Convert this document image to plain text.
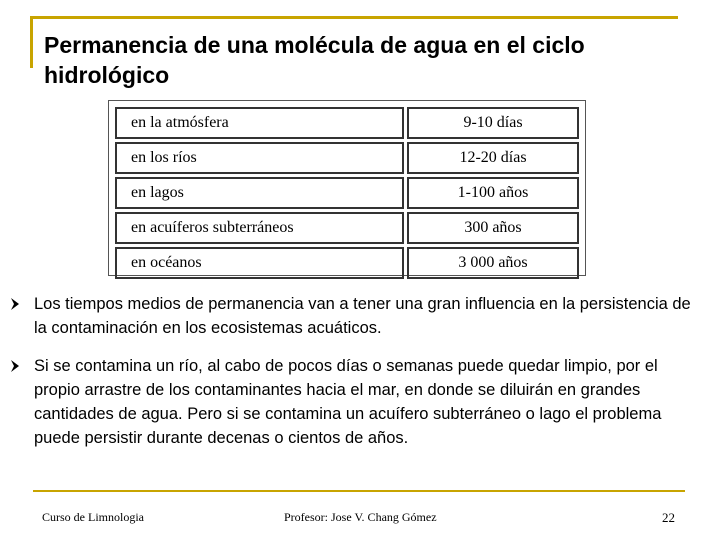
Permanencia de una molécula de agua en el ciclo hidrológico
en la atmósfera	9-10 días
en los ríos	12-20 días
en lagos	1-100 años
en acuíferos subterráneos	300 años
en océanos	3 000 años
Los tiempos medios de permanencia van a tener una gran influencia en la persistencia de la contaminación en los ecosistemas acuáticos.
Si se contamina un río, al cabo de pocos días o semanas puede quedar limpio, por el propio arrastre de los contaminantes hacia el mar, en donde se diluirán en grandes cantidades de agua. Pero si se contamina un acuífero subterráneo o lago el problema puede persistir durante decenas o cientos de años.
Curso de Limnologia	Profesor: Jose V. Chang Gómez	22
